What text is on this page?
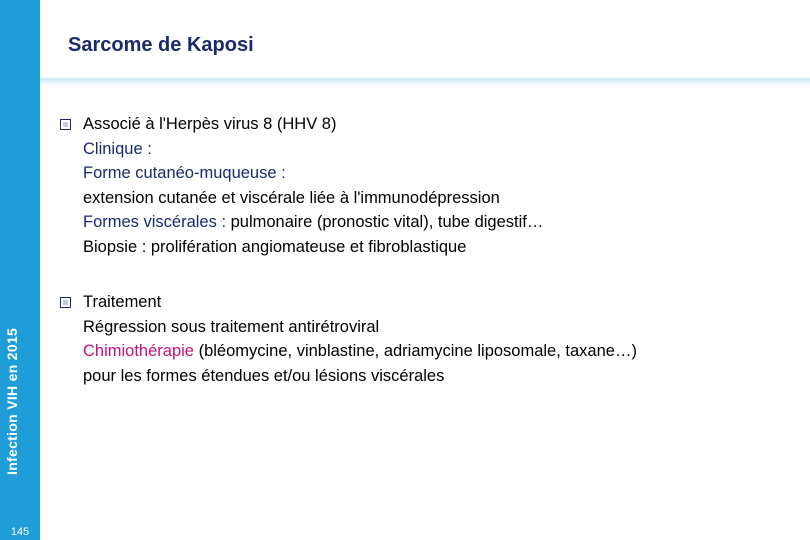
Infection VIH en 2015
145
Sarcome de Kaposi
Associé à l'Herpès virus 8 (HHV 8)
Clinique :
Forme cutanéo-muqueuse :
extension cutanée et viscérale liée à l'immunodépression
Formes viscérales : pulmonaire (pronostic vital), tube digestif…
Biopsie : prolifération angiomateuse et fibroblastique
Traitement
Régression sous traitement antirétroviral
Chimiothérapie (bléomycine, vinblastine, adriamycine liposomale, taxane…)
pour les formes étendues et/ou lésions viscérales
